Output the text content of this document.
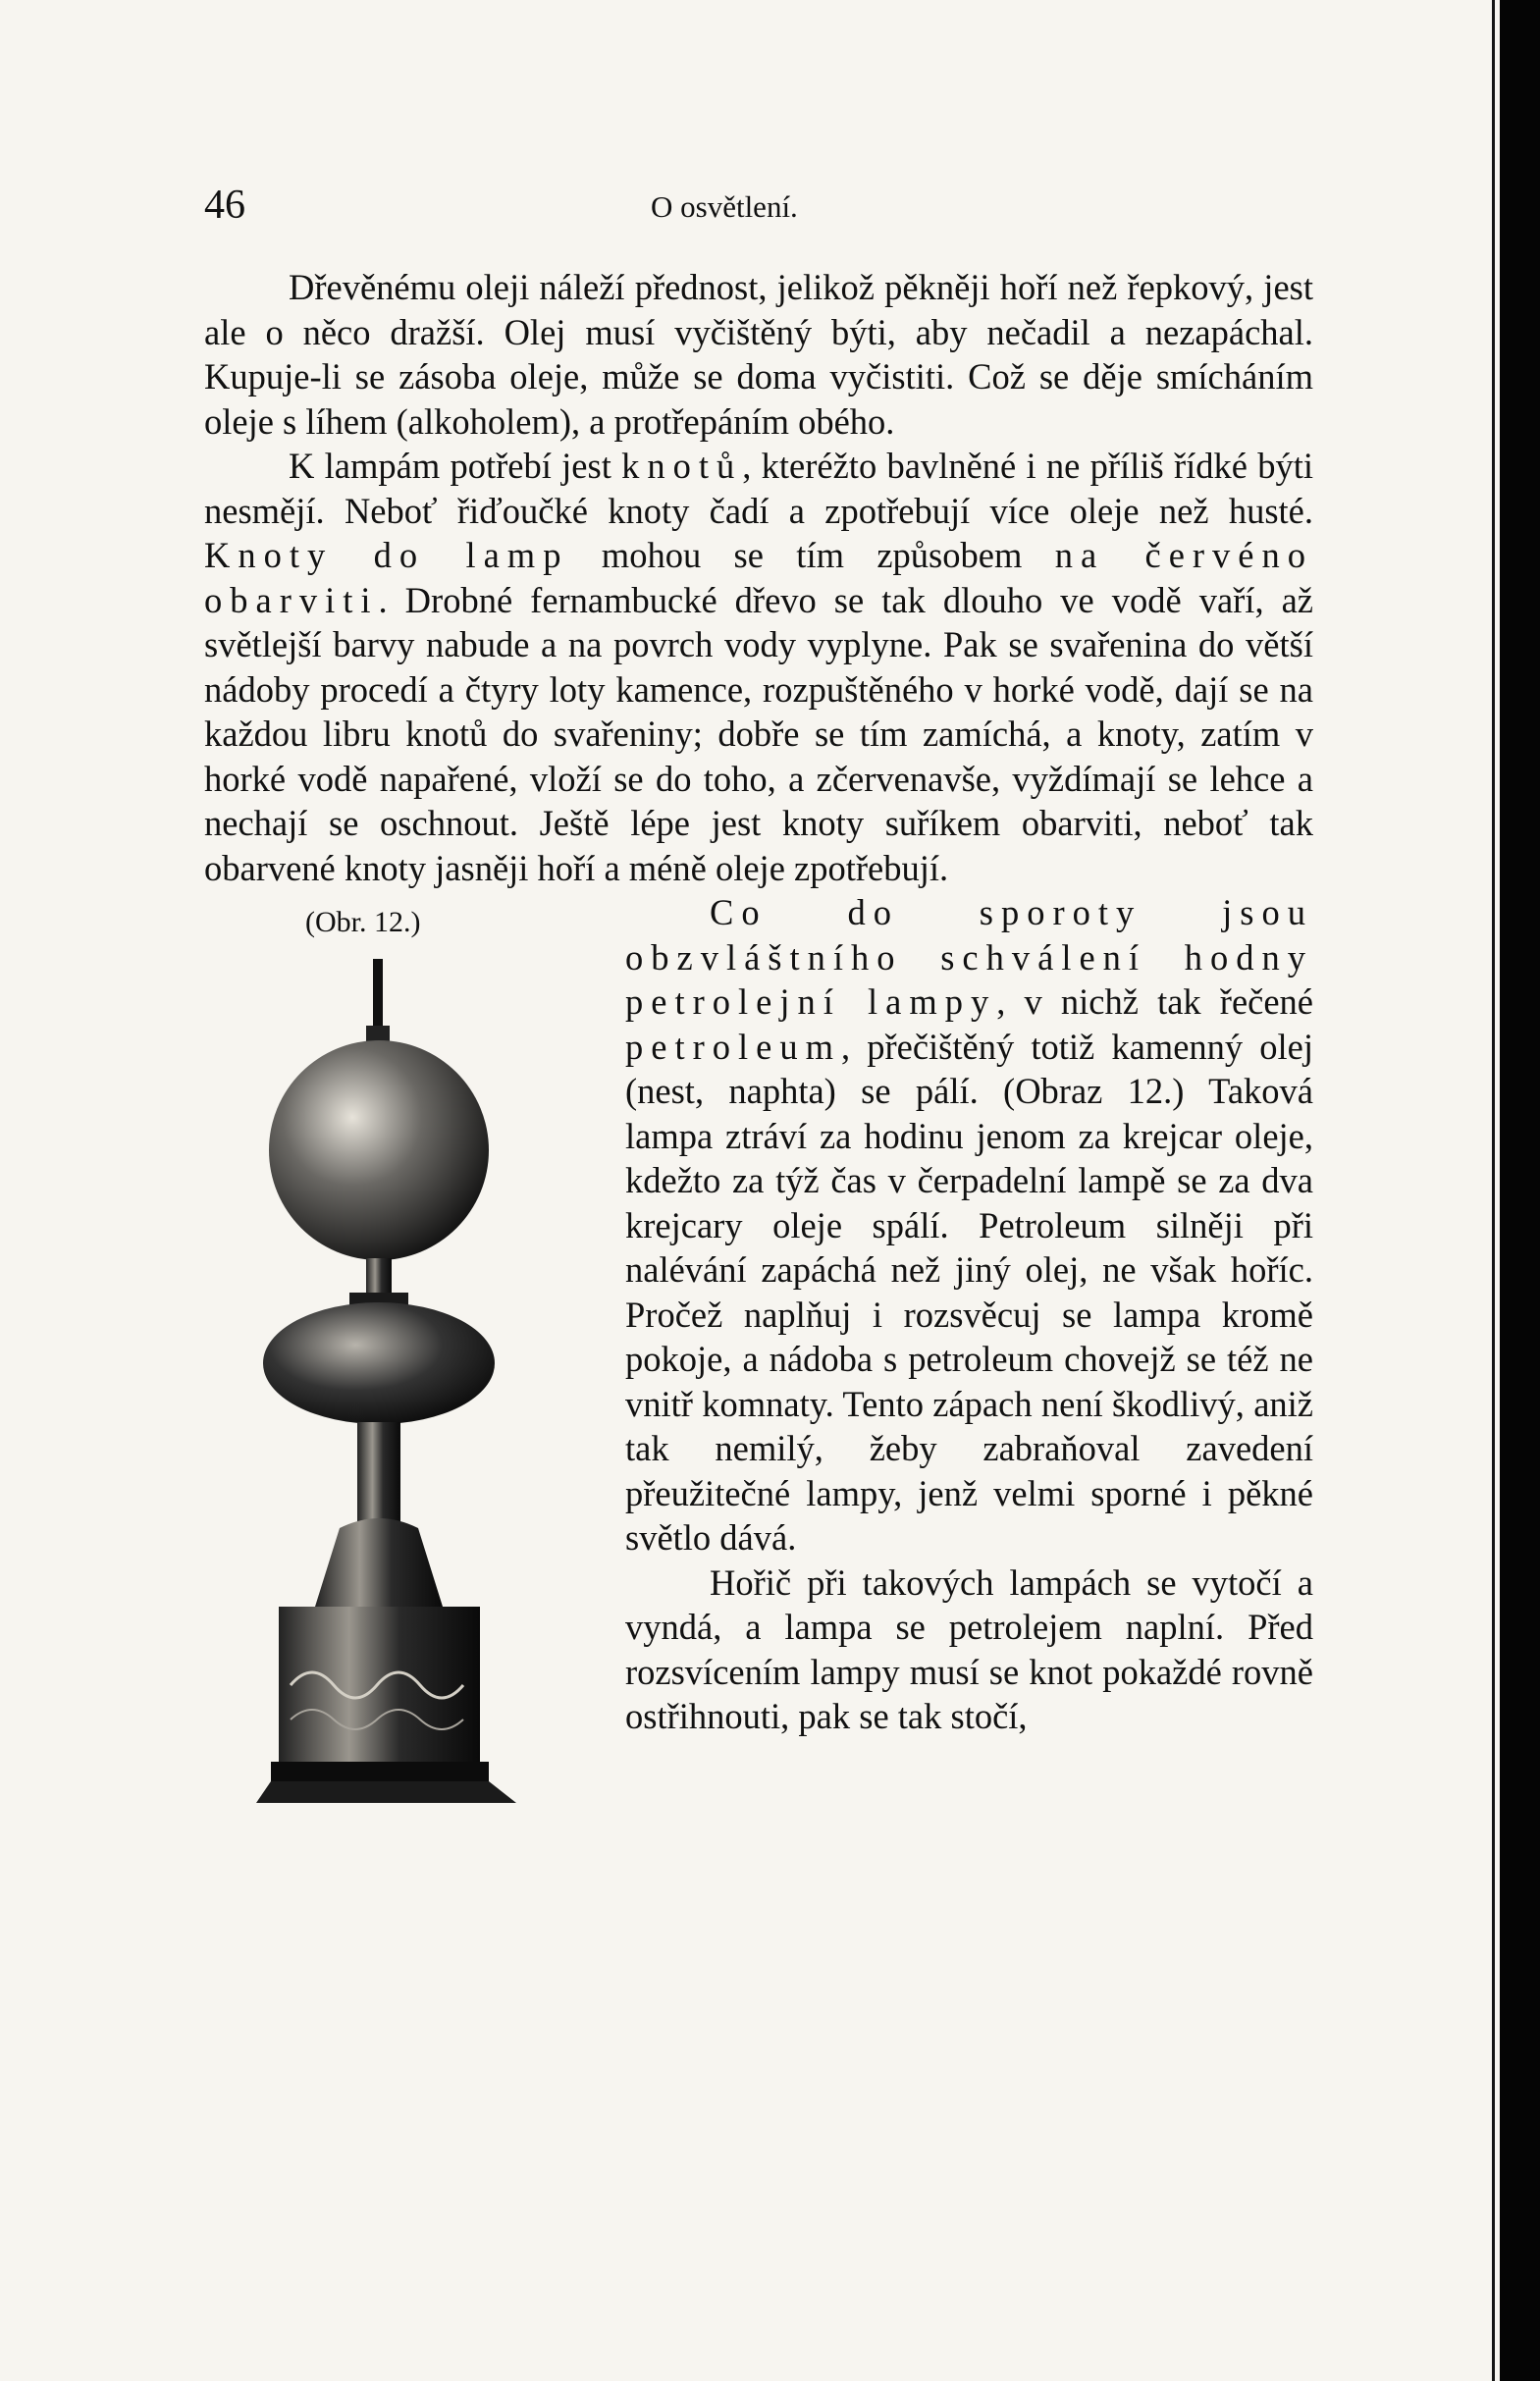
46	O osvětlení.

Dřevěnému oleji náleží přednost, jelikož pěkněji hoří než řepkový, jest ale o něco dražší. Olej musí vyčištěný býti, aby nečadil a nezapáchal. Kupuje-li se zásoba oleje, může se doma vyčistiti. Což se děje smícháním oleje s líhem (alkoholem), a protřepáním obého.

K lampám potřebí jest knotů, kteréžto bavlněné i ne příliš řídké býti nesmějí. Neboť řiďoučké knoty čadí a zpotřebují více oleje než husté. Knoty do lamp mohou se tím způsobem na červéno obarviti. Drobné fernambucké dřevo se tak dlouho ve vodě vaří, až světlejší barvy nabude a na povrch vody vyplyne. Pak se svařenina do větší nádoby procedí a čtyry loty kamence, rozpuštěného v horké vodě, dají se na každou libru knotů do svařeniny; dobře se tím zamíchá, a knoty, zatím v horké vodě napařené, vloží se do toho, a zčervenavše, vyždímají se lehce a nechají se oschnout. Ještě lépe jest knoty suříkem obarviti, neboť tak obarvené knoty jasněji hoří a méně oleje zpotřebují.

(Obr. 12.)	Co do sporoty jsou obzvláštního schválení hodny petrolejní lampy, v nichž tak řečené petroleum, přečištěný totiž kamenný olej (nest, naphta) se pálí. (Obraz 12.) Taková lampa ztráví za hodinu jenom za krejcar oleje, kdežto za týž čas v čerpadelní lampě se za dva krejcary oleje spálí. Petroleum silněji při nalévání zapáchá než jiný olej, ne však hoříc. Pročež naplňuj i rozsvěcuj se lampa kromě pokoje, a nádoba s petroleum chovejž se též ne vnitř komnaty. Tento zápach není škodlivý, aniž tak nemilý, žeby zabraňoval zavedení přeužitečné lampy, jenž velmi sporné i pěkné světlo dává.

Hořič při takových lampách se vytočí a vyndá, a lampa se petrolejem naplní. Před rozsvícením lampy musí se knot pokaždé rovně ostřihnouti, pak se tak stočí,
